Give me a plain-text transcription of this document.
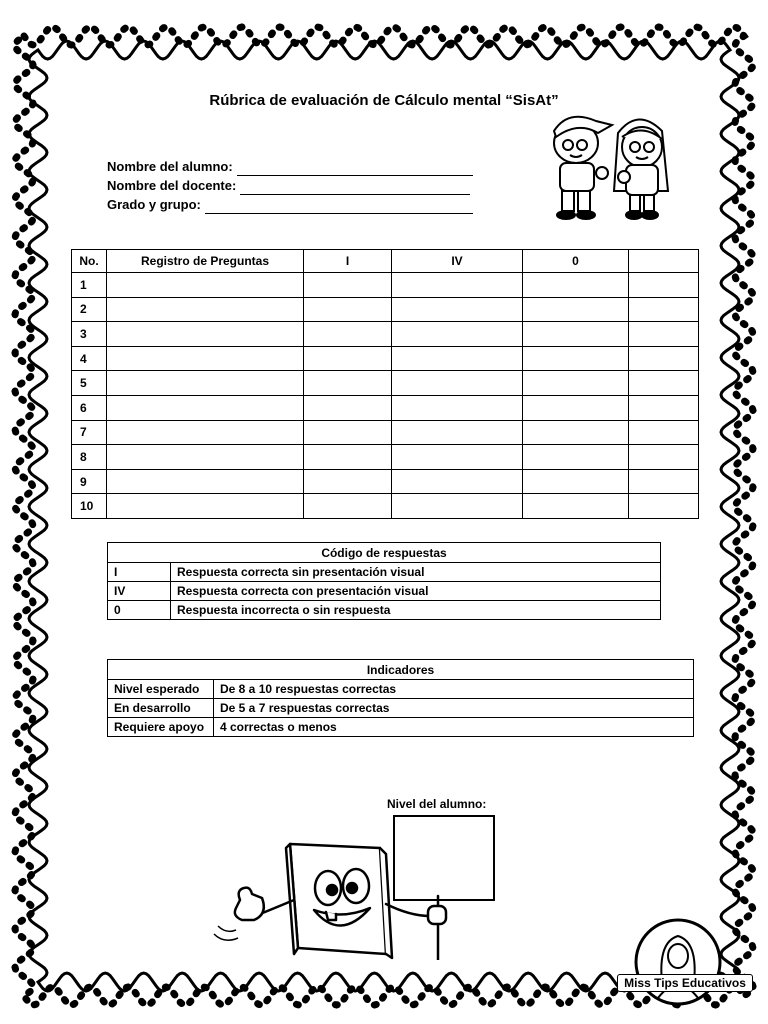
Rúbrica de evaluación de Cálculo mental “SisAt”
Nombre del alumno:
Nombre del docente:
Grado y grupo:
No.	Registro de Preguntas	I	IV	0	
1					
2					
3					
4					
5					
6					
7					
8					
9					
10					
Código de respuestas	
I	Respuesta correcta sin presentación visual
IV	Respuesta correcta con presentación visual
0	Respuesta incorrecta o sin respuesta
Indicadores	
Nivel esperado	De 8 a 10 respuestas correctas
En desarrollo	De 5 a 7 respuestas correctas
Requiere apoyo	4 correctas o menos
Nivel del alumno:
Miss Tips Educativos
